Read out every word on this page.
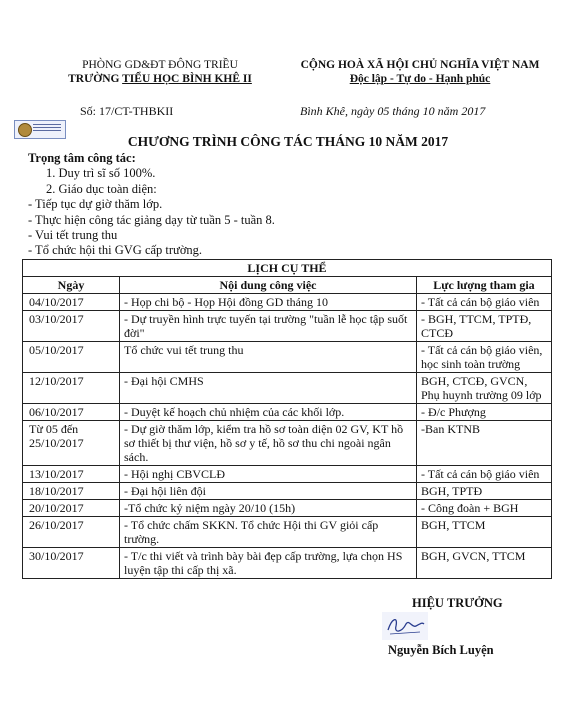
PHÒNG GD&ĐT ĐÔNG TRIỀU
TRƯỜNG TIỂU HỌC BÌNH KHÊ II
CỘNG HOÀ XÃ HỘI CHỦ NGHĨA VIỆT NAM
Độc lập - Tự do - Hạnh phúc
Số: 17/CT-THBKII	Bình Khê, ngày 05 tháng 10 năm 2017
CHƯƠNG TRÌNH CÔNG TÁC THÁNG 10 NĂM 2017
Trọng tâm công tác:
1. Duy trì sĩ số 100%.
2. Giáo dục toàn diện:
- Tiếp tục dự giờ thăm lớp.
- Thực hiện công tác giảng dạy từ tuần 5 - tuần 8.
- Vui tết trung thu
- Tổ chức hội thi GVG cấp trường.
LỊCH CỤ THỂ		
Ngày	Nội dung công việc	Lực lượng tham gia
04/10/2017	- Họp chi bộ - Họp Hội đồng GD tháng 10	- Tất cả cán bộ giáo viên
03/10/2017	- Dự truyền hình trực tuyến tại trường "tuần lễ học tập suốt đời"	- BGH, TTCM, TPTĐ, CTCĐ
05/10/2017	Tổ chức vui tết trung thu	- Tất cả cán bộ giáo viên, học sinh toàn trường
12/10/2017	- Đại hội CMHS	BGH, CTCĐ, GVCN, Phụ huynh trường 09 lớp
06/10/2017	- Duyệt kế hoạch chủ nhiệm của các khối lớp.	- Đ/c Phượng
Từ 05 đến 25/10/2017	- Dự giờ thăm lớp, kiểm tra hồ sơ toàn diện 02 GV, KT hồ sơ thiết bị thư viện, hồ sơ y tế, hồ sơ thu chi ngoài ngân sách.	-Ban KTNB
13/10/2017	- Hội nghị CBVCLĐ	- Tất cả cán bộ giáo viên
18/10/2017	- Đại hội liên đội	BGH, TPTĐ
20/10/2017	-Tổ chức kỷ niệm ngày 20/10 (15h)	- Công đoàn + BGH
26/10/2017	- Tổ chức chấm SKKN. Tổ chức Hội thi GV giỏi cấp trường.	BGH, TTCM
30/10/2017	- T/c thi viết và trình bày bài đẹp cấp trường, lựa chọn HS luyện tập thi cấp thị xã.	BGH, GVCN, TTCM
HIỆU TRƯỞNG
Nguyễn Bích Luyện
